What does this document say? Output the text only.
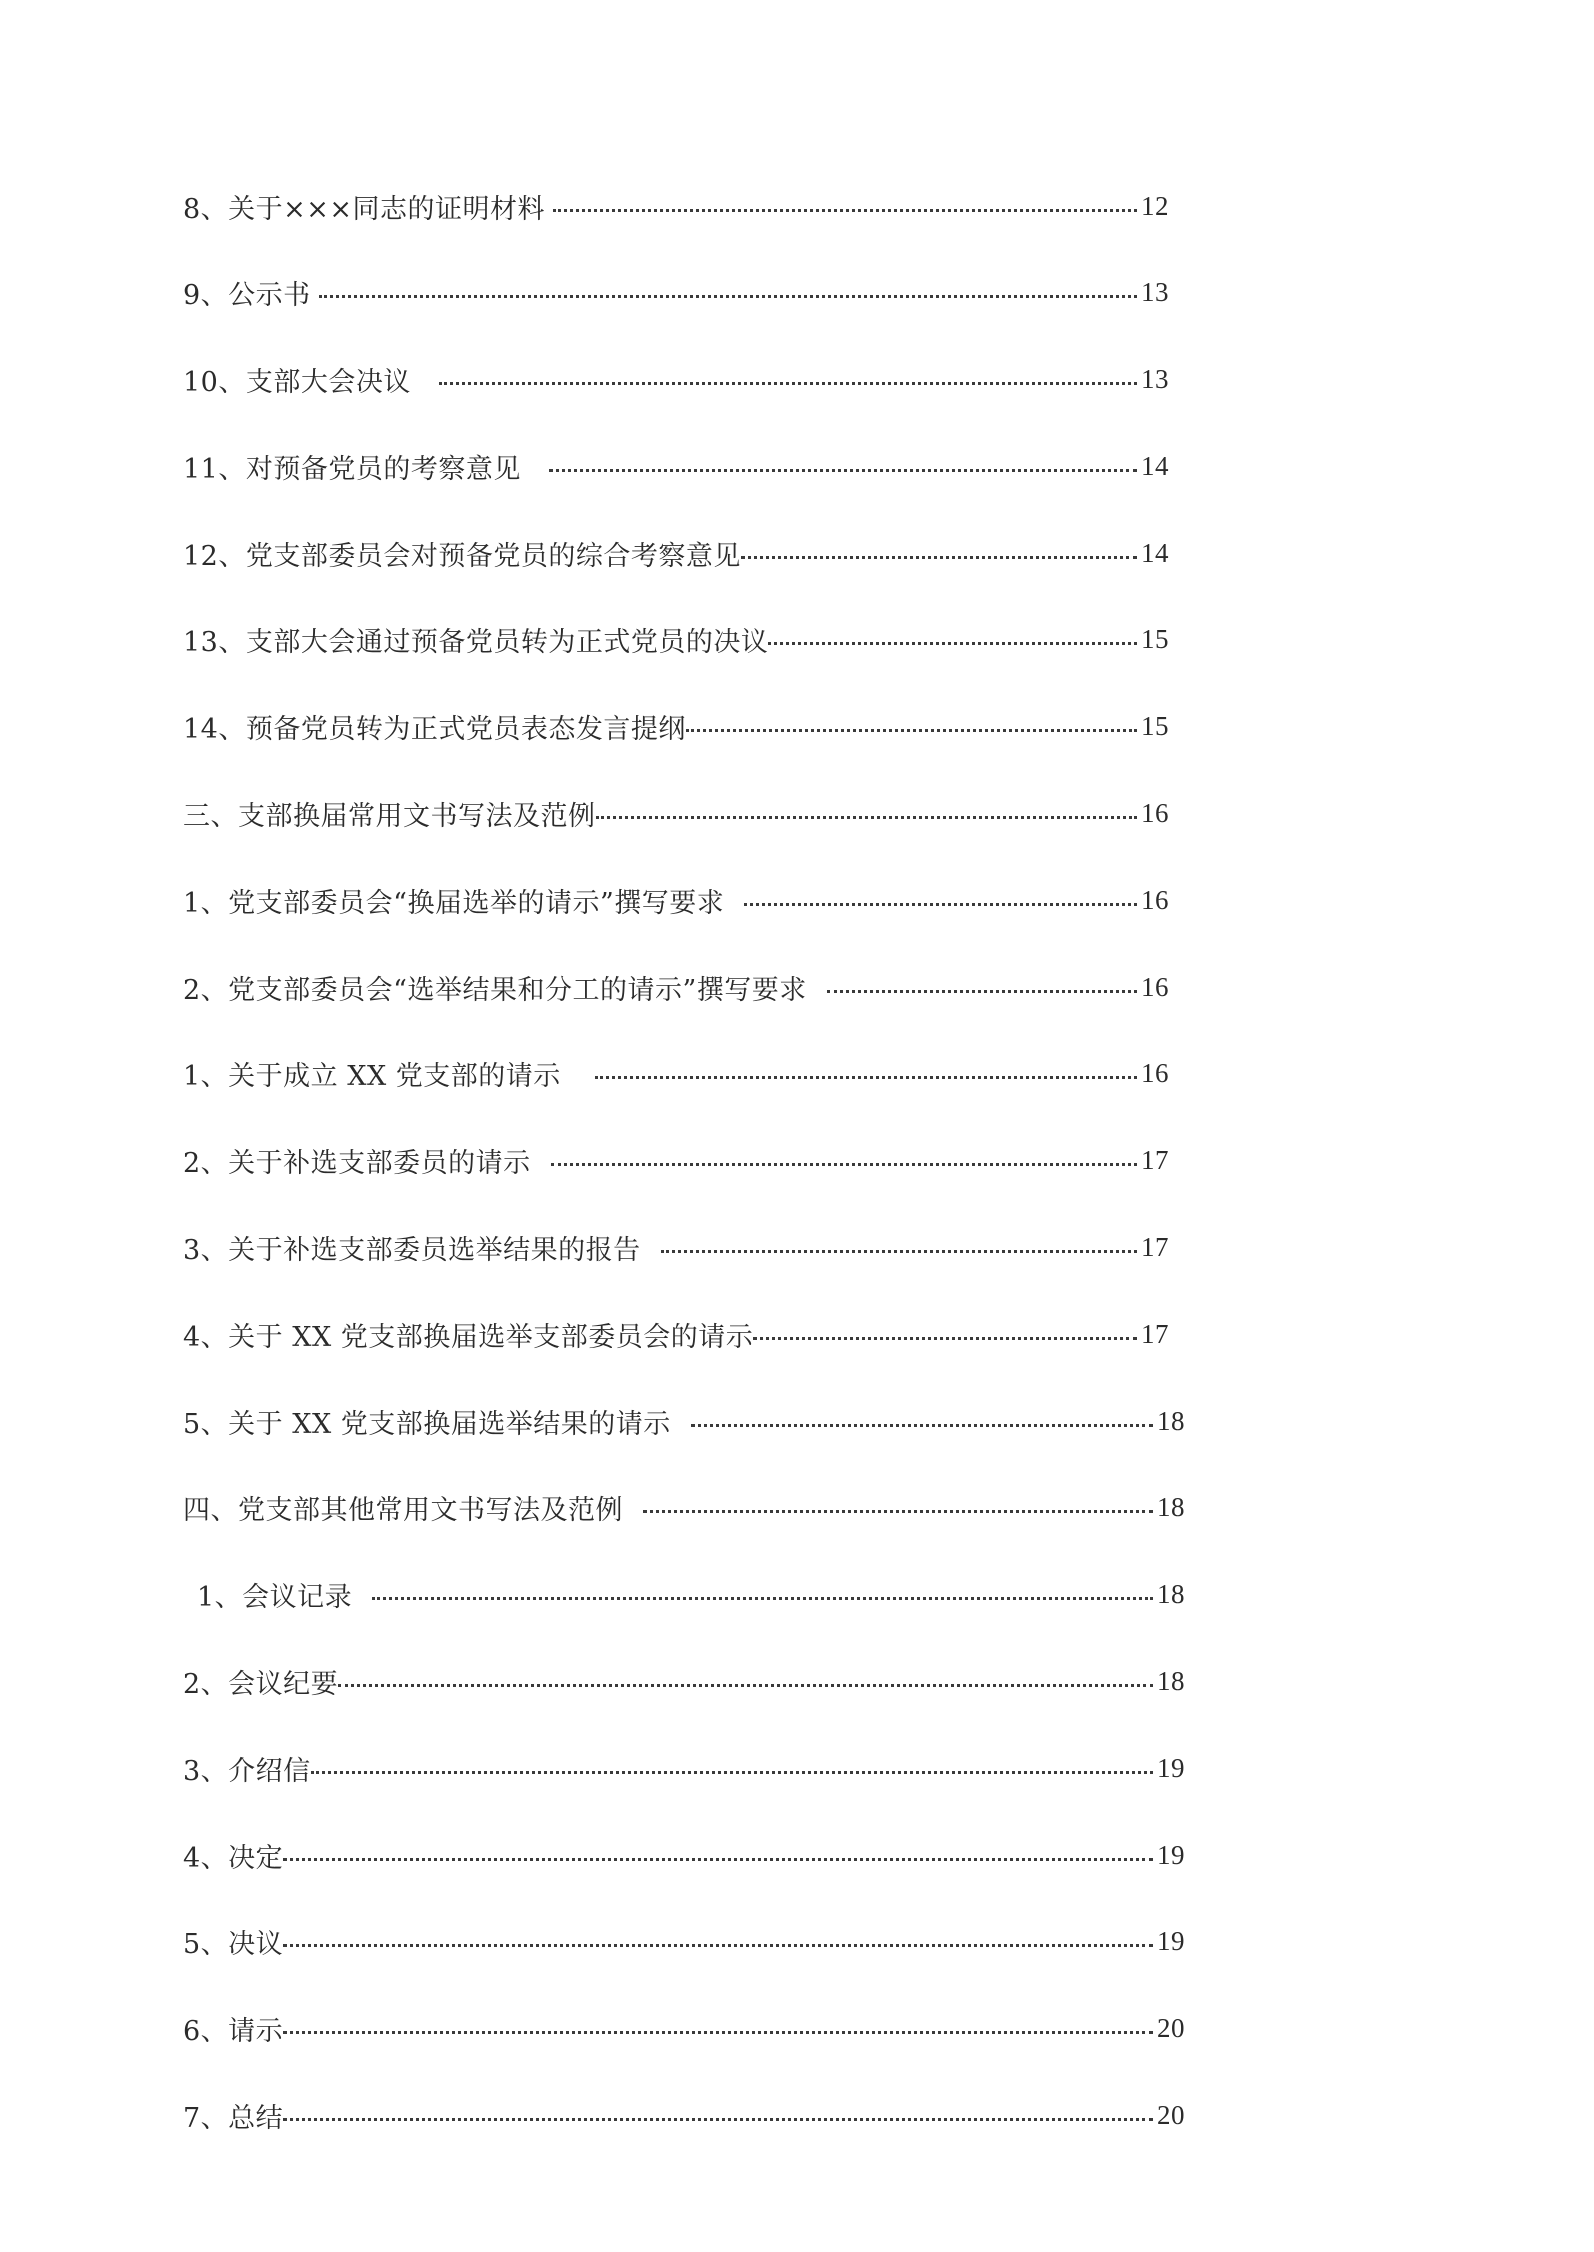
8、关于×××同志的证明材料	12
9、公示书	13
10、支部大会决议	13
11、对预备党员的考察意见	14
12、党支部委员会对预备党员的综合考察意见	14
13、支部大会通过预备党员转为正式党员的决议	15
14、预备党员转为正式党员表态发言提纲	15
三、支部换届常用文书写法及范例	16
1、党支部委员会“换届选举的请示”撰写要求	16
2、党支部委员会“选举结果和分工的请示”撰写要求	16
1、关于成立 XX 党支部的请示	16
2、关于补选支部委员的请示	17
3、关于补选支部委员选举结果的报告	17
4、关于 XX 党支部换届选举支部委员会的请示	17
5、关于 XX 党支部换届选举结果的请示	18
四、党支部其他常用文书写法及范例	18
1、会议记录	18
2、会议纪要	18
3、介绍信	19
4、决定	19
5、决议	19
6、请示	20
7、总结	20
